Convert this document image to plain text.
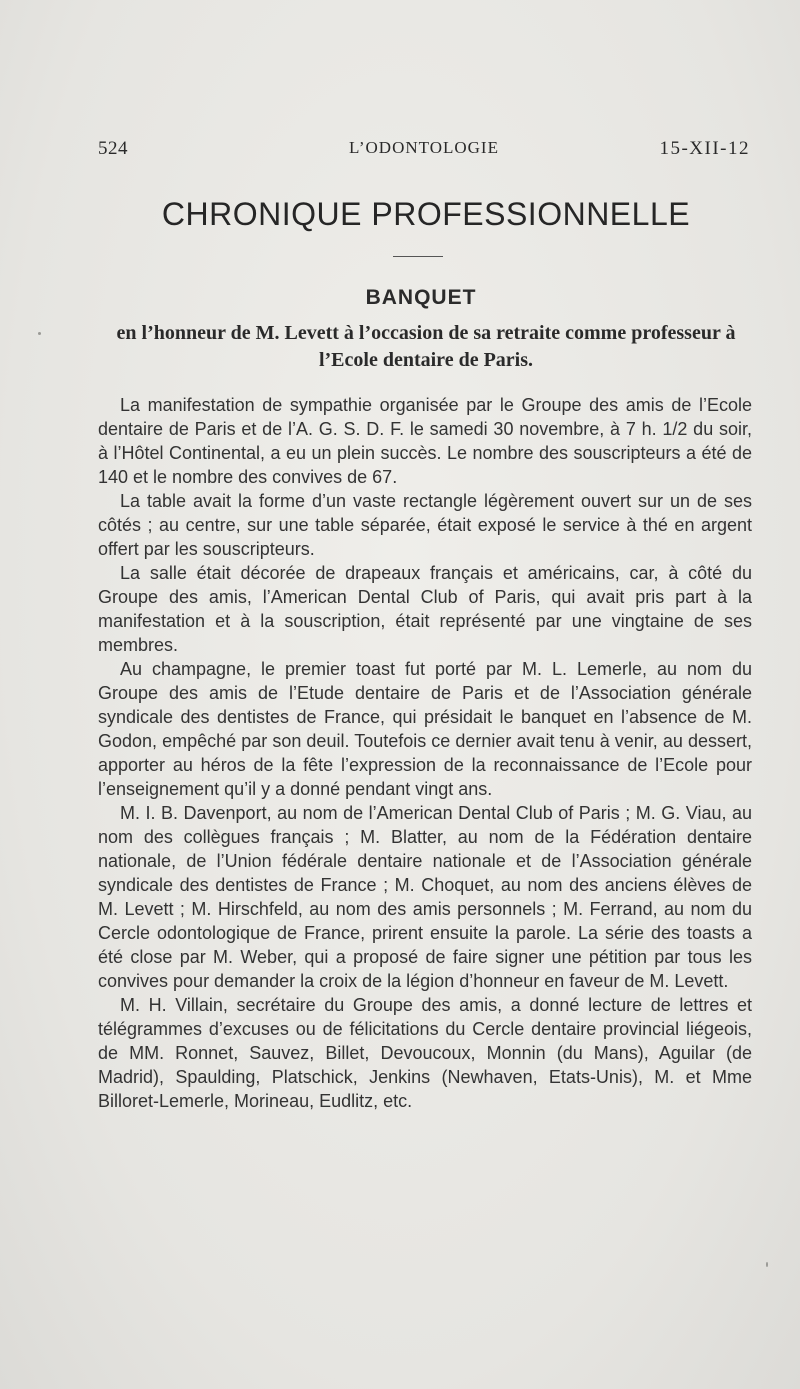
524	L’ODONTOLOGIE	15-XII-12
CHRONIQUE PROFESSIONNELLE
BANQUET
en l’honneur de M. Levett à l’occasion de sa retraite comme professeur à l’Ecole dentaire de Paris.

La manifestation de sympathie organisée par le Groupe des amis de l’Ecole dentaire de Paris et de l’A. G. S. D. F. le samedi 30 novembre, à 7 h. 1/2 du soir, à l’Hôtel Continental, a eu un plein succès. Le nombre des souscripteurs a été de 140 et le nombre des convives de 67.

La table avait la forme d’un vaste rectangle légèrement ouvert sur un de ses côtés ; au centre, sur une table séparée, était exposé le service à thé en argent offert par les souscripteurs.

La salle était décorée de drapeaux français et américains, car, à côté du Groupe des amis, l’American Dental Club of Paris, qui avait pris part à la manifestation et à la souscription, était représenté par une vingtaine de ses membres.

Au champagne, le premier toast fut porté par M. L. Lemerle, au nom du Groupe des amis de l’Etude dentaire de Paris et de l’Association générale syndicale des dentistes de France, qui présidait le banquet en l’absence de M. Godon, empêché par son deuil. Toutefois ce dernier avait tenu à venir, au dessert, apporter au héros de la fête l’expression de la reconnaissance de l’Ecole pour l’enseignement qu’il y a donné pendant vingt ans.

M. I. B. Davenport, au nom de l’American Dental Club of Paris ; M. G. Viau, au nom des collègues français ; M. Blatter, au nom de la Fédération dentaire nationale, de l’Union fédérale dentaire nationale et de l’Association générale syndicale des dentistes de France ; M. Choquet, au nom des anciens élèves de M. Levett ; M. Hirschfeld, au nom des amis personnels ; M. Ferrand, au nom du Cercle odontologique de France, prirent ensuite la parole. La série des toasts a été close par M. Weber, qui a proposé de faire signer une pétition par tous les convives pour demander la croix de la légion d’honneur en faveur de M. Levett.

M. H. Villain, secrétaire du Groupe des amis, a donné lecture de lettres et télégrammes d’excuses ou de félicitations du Cercle dentaire provincial liégeois, de MM. Ronnet, Sauvez, Billet, Devoucoux, Monnin (du Mans), Aguilar (de Madrid), Spaulding, Platschick, Jenkins (Newhaven, Etats-Unis), M. et Mme Billoret-Lemerle, Morineau, Eudlitz, etc.
